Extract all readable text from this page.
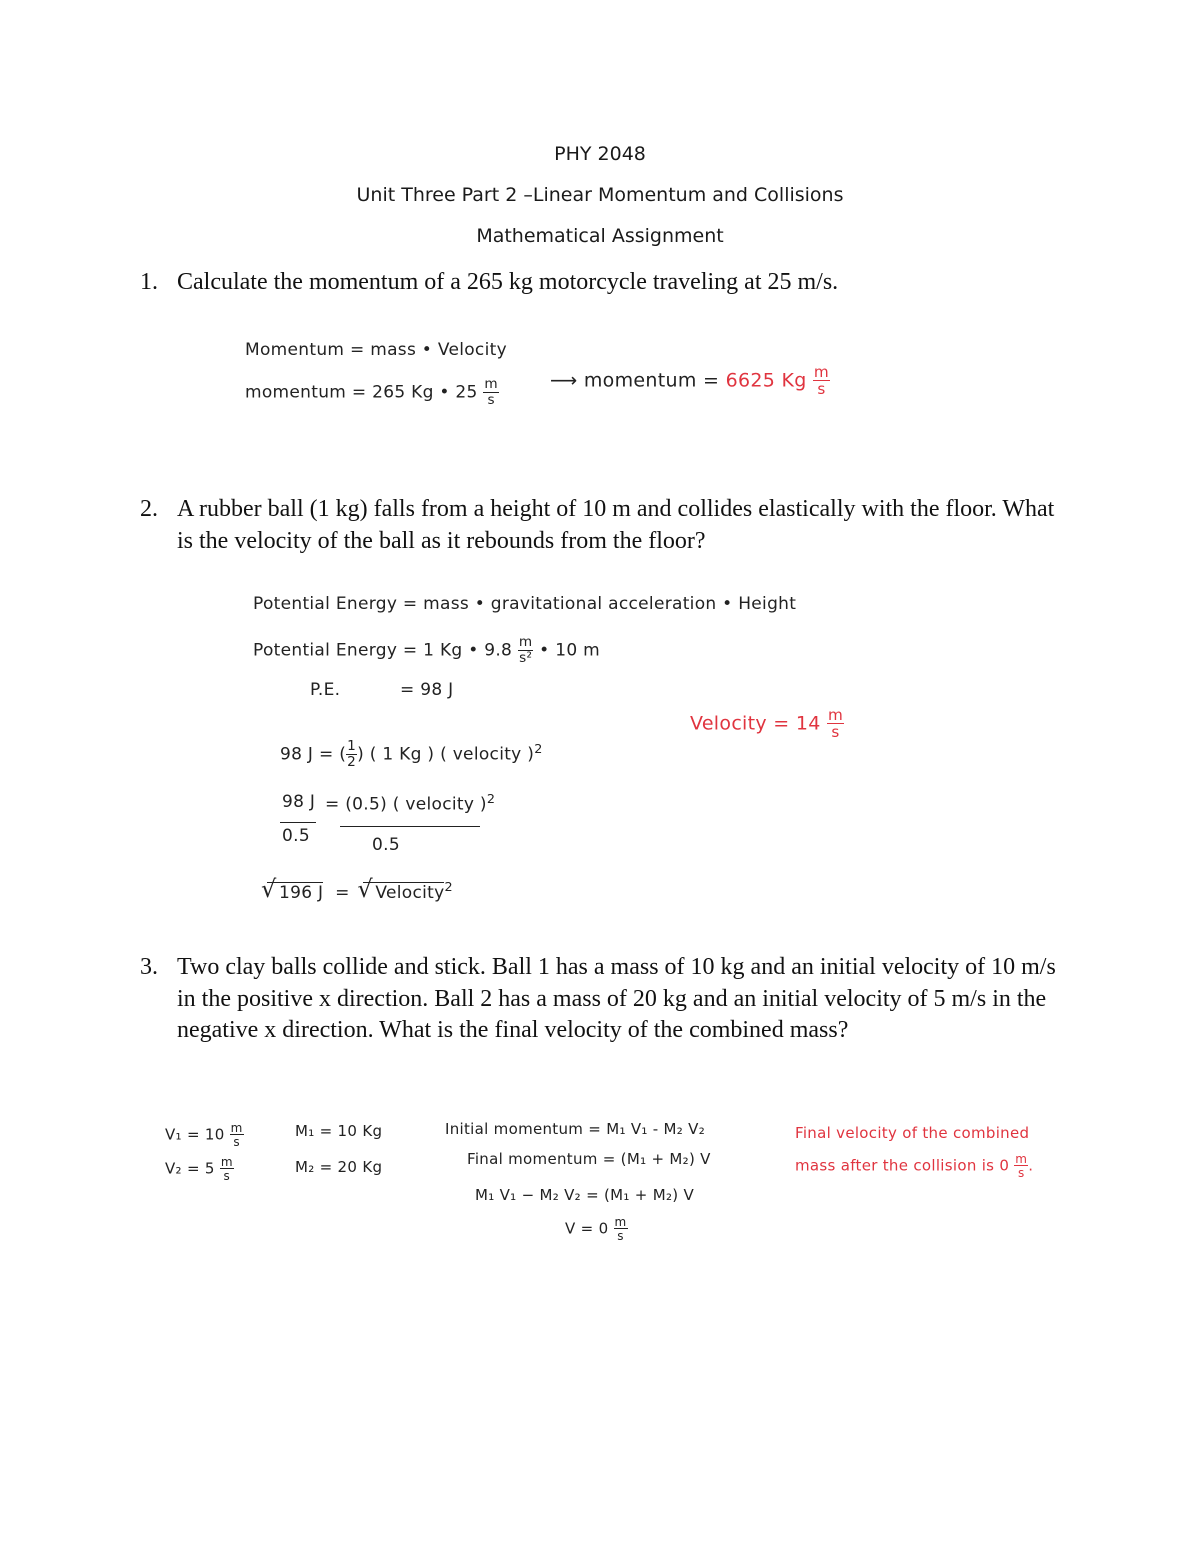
PHY 2048
Unit Three Part 2 –Linear Momentum and Collisions
Mathematical Assignment
1. Calculate the momentum of a 265 kg motorcycle traveling at 25 m/s.
Momentum = mass • Velocity
momentum = 265 Kg • $25 \frac{m}{s}$	⟶ momentum = 6625 Kg $\frac{m}{s}$
2. A rubber ball (1 kg) falls from a height of 10 m and collides elastically with the floor. What is the velocity of the ball as it rebounds from the floor?
Potential Energy = mass • gravitational acceleration • Height
Potential Energy = 1 Kg • $9.8 \frac{m}{\text{s²}}$ • 10 m
P.E.	= 98 J
98 J = ( $\frac{1}{2}$ ) ( 1 Kg ) ( velocity )$^2$
98 J = (0.5) ( velocity )$^2$
0.5	0.5
√ 196 J = √ Velocity$^2$
Velocity = $14 \frac{m}{s}$
3. Two clay balls collide and stick. Ball 1 has a mass of 10 kg and an initial velocity of 10 m/s in the positive x direction. Ball 2 has a mass of 20 kg and an initial velocity of 5 m/s in the negative x direction. What is the final velocity of the combined mass?
$V_1 = 10 \frac{m}{s}$
$V_2 = 5 \frac{m}{s}$
M₁ = 10 Kg
M₂ = 20 Kg
Initial momentum = M₁ V₁ - M₂ V₂
Final momentum = (M₁ + M₂) V
M₁ V₁ − M₂ V₂ = (M₁ + M₂) V
$V = 0 \frac{m}{s}$
Final velocity of the combined
mass after the collision is $0 \frac{m}{s}$ .
